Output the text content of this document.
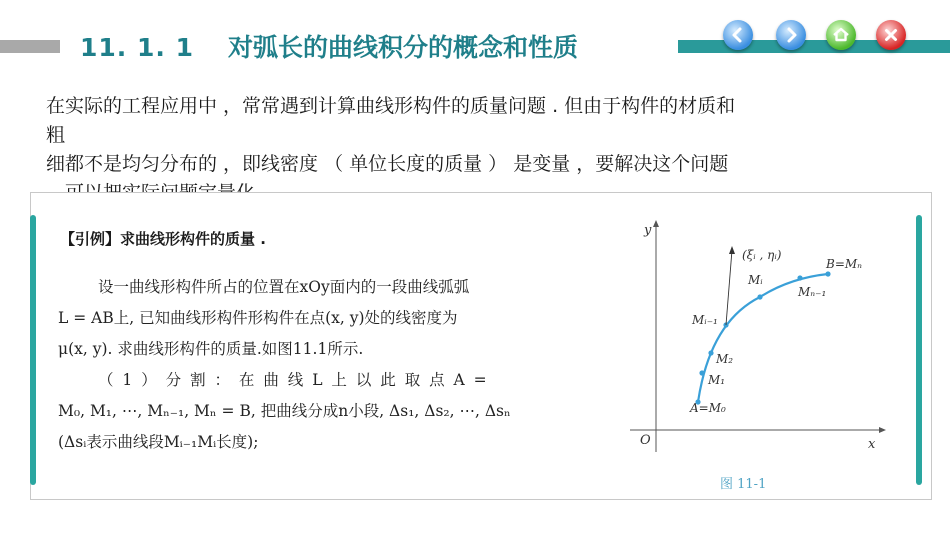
11. 1. 1 对弧长的曲线积分的概念和性质
在实际的工程应用中 ，常常遇到计算曲线形构件的质量问题 . 但由于构件的材质和
粗
细都不是均匀分布的 ，即线密度 （ 单位长度的质量 ） 是变量 ，要解决这个问题
【引例】求曲线形构件的质量 .

设一曲线形构件所占的位置在xOy面内的一段曲线弧弧

L = AB上, 已知曲线形构件形构件在点(x, y)处的线密度为

μ(x, y). 求曲线形构件的质量.如图11.1所示.

（ 1 ） 分 割 ： 在 曲 线 L 上 以 此 取 点 A =

M₀, M₁, ⋯, Mₙ₋₁, Mₙ = B, 把曲线分成n小段, Δs₁, Δs₂, ⋯, Δsₙ

(Δsᵢ表示曲线段Mᵢ₋₁Mᵢ长度);

y
x
O
(ξᵢ , ηᵢ)
Mᵢ
B=Mₙ
Mₙ₋₁
Mᵢ₋₁
M₂
M₁
A=M₀
图 11-1
